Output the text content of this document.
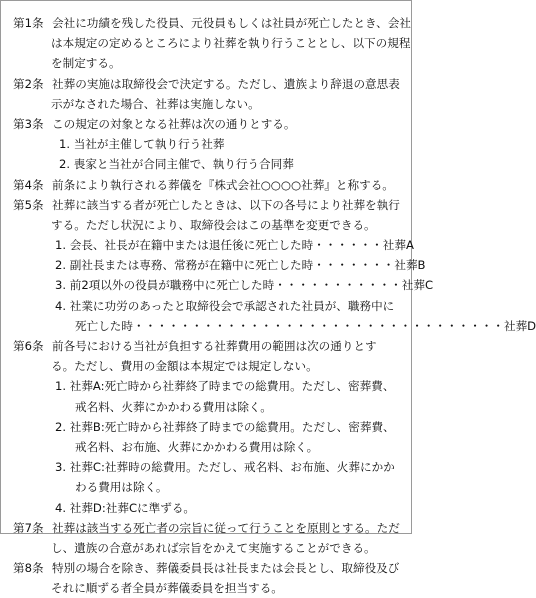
第1条 会社に功績を残した役員、元役員もしくは社員が死亡したとき、会社
は本規定の定めるところにより社葬を執り行うこととし、以下の規程
を制定する。
第2条 社葬の実施は取締役会で決定する。ただし、遺族より辞退の意思表
示がなされた場合、社葬は実施しない。
第3条 この規定の対象となる社葬は次の通りとする。
1. 当社が主催して執り行う社葬
2. 喪家と当社が合同主催で、執り行う合同葬
第4条 前条により執行される葬儀を『株式会社○○○○社葬』と称する。
第5条 社葬に該当する者が死亡したときは、以下の各号により社葬を執行
する。ただし状況により、取締役会はこの基準を変更できる。
1. 会長、社長が在籍中または退任後に死亡した時・・・・・・社葬A
2. 副社長または専務、常務が在籍中に死亡した時・・・・・・・社葬B
3. 前2項以外の役員が職務中に死亡した時・・・・・・・・・・・社葬C
4. 社業に功労のあったと取締役会で承認された社員が、職務中に
死亡した時・・・・・・・・・・・・・・・・・・・・・・・・・・・・・・・・社葬D
第6条 前各号における当社が負担する社葬費用の範囲は次の通りとす
る。ただし、費用の金額は本規定では規定しない。
1. 社葬A:死亡時から社葬終了時までの総費用。ただし、密葬費、
戒名料、火葬にかかわる費用は除く。
2. 社葬B:死亡時から社葬終了時までの総費用。ただし、密葬費、
戒名料、お布施、火葬にかかわる費用は除く。
3. 社葬C:社葬時の総費用。ただし、戒名料、お布施、火葬にかか
わる費用は除く。
4. 社葬D:社葬Cに準ずる。
第7条 社葬は該当する死亡者の宗旨に従って行うことを原則とする。ただ
し、遺族の合意があれば宗旨をかえて実施することができる。
第8条 特別の場合を除き、葬儀委員長は社長または会長とし、取締役及び
それに順ずる者全員が葬儀委員を担当する。
